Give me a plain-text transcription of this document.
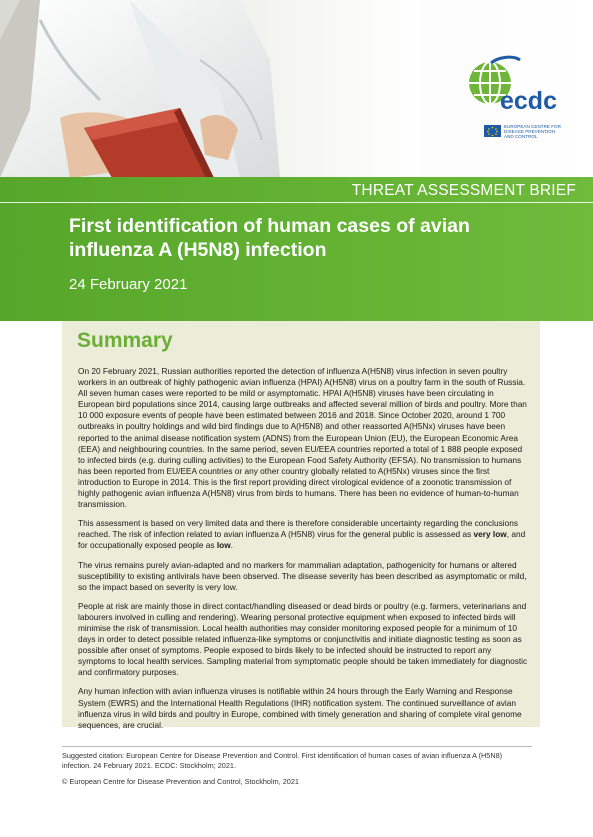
ecdc
EUROPEAN CENTRE FOR
DISEASE PREVENTION
AND CONTROL
THREAT ASSESSMENT BRIEF
First identification of human cases of avian influenza A (H5N8) infection
24 February 2021
Summary

On 20 February 2021, Russian authorities reported the detection of influenza A(H5N8) virus infection in seven poultry workers in an outbreak of highly pathogenic avian influenza (HPAI) A(H5N8) virus on a poultry farm in the south of Russia. All seven human cases were reported to be mild or asymptomatic. HPAI A(H5N8) viruses have been circulating in European bird populations since 2014, causing large outbreaks and affected several million of birds and poultry. More than 10 000 exposure events of people have been estimated between 2016 and 2018. Since October 2020, around 1 700 outbreaks in poultry holdings and wild bird findings due to A(H5N8) and other reassorted A(H5Nx) viruses have been reported to the animal disease notification system (ADNS) from the European Union (EU), the European Economic Area (EEA) and neighbouring countries. In the same period, seven EU/EEA countries reported a total of 1 888 people exposed to infected birds (e.g. during culling activities) to the European Food Safety Authority (EFSA). No transmission to humans has been reported from EU/EEA countries or any other country globally related to A(H5Nx) viruses since the first introduction to Europe in 2014. This is the first report providing direct virological evidence of a zoonotic transmission of highly pathogenic avian influenza A(H5N8) virus from birds to humans. There has been no evidence of human-to-human transmission.

This assessment is based on very limited data and there is therefore considerable uncertainty regarding the conclusions reached. The risk of infection related to avian influenza A (H5N8) virus for the general public is assessed as very low, and for occupationally exposed people as low.

The virus remains purely avian-adapted and no markers for mammalian adaptation, pathogenicity for humans or altered susceptibility to existing antivirals have been observed. The disease severity has been described as asymptomatic or mild, so the impact based on severity is very low.

People at risk are mainly those in direct contact/handling diseased or dead birds or poultry (e.g. farmers, veterinarians and labourers involved in culling and rendering). Wearing personal protective equipment when exposed to infected birds will minimise the risk of transmission. Local health authorities may consider monitoring exposed people for a minimum of 10 days in order to detect possible related influenza-like symptoms or conjunctivitis and initiate diagnostic testing as soon as possible after onset of symptoms. People exposed to birds likely to be infected should be instructed to report any symptoms to local health services. Sampling material from symptomatic people should be taken immediately for diagnostic and confirmatory purposes.

Any human infection with avian influenza viruses is notifiable within 24 hours through the Early Warning and Response System (EWRS) and the International Health Regulations (IHR) notification system. The continued surveillance of avian influenza virus in wild birds and poultry in Europe, combined with timely generation and sharing of complete viral genome sequences, are crucial.

Suggested citation: European Centre for Disease Prevention and Control. First identification of human cases of avian influenza A (H5N8) infection. 24 February 2021. ECDC: Stockholm; 2021.
© European Centre for Disease Prevention and Control, Stockholm, 2021
